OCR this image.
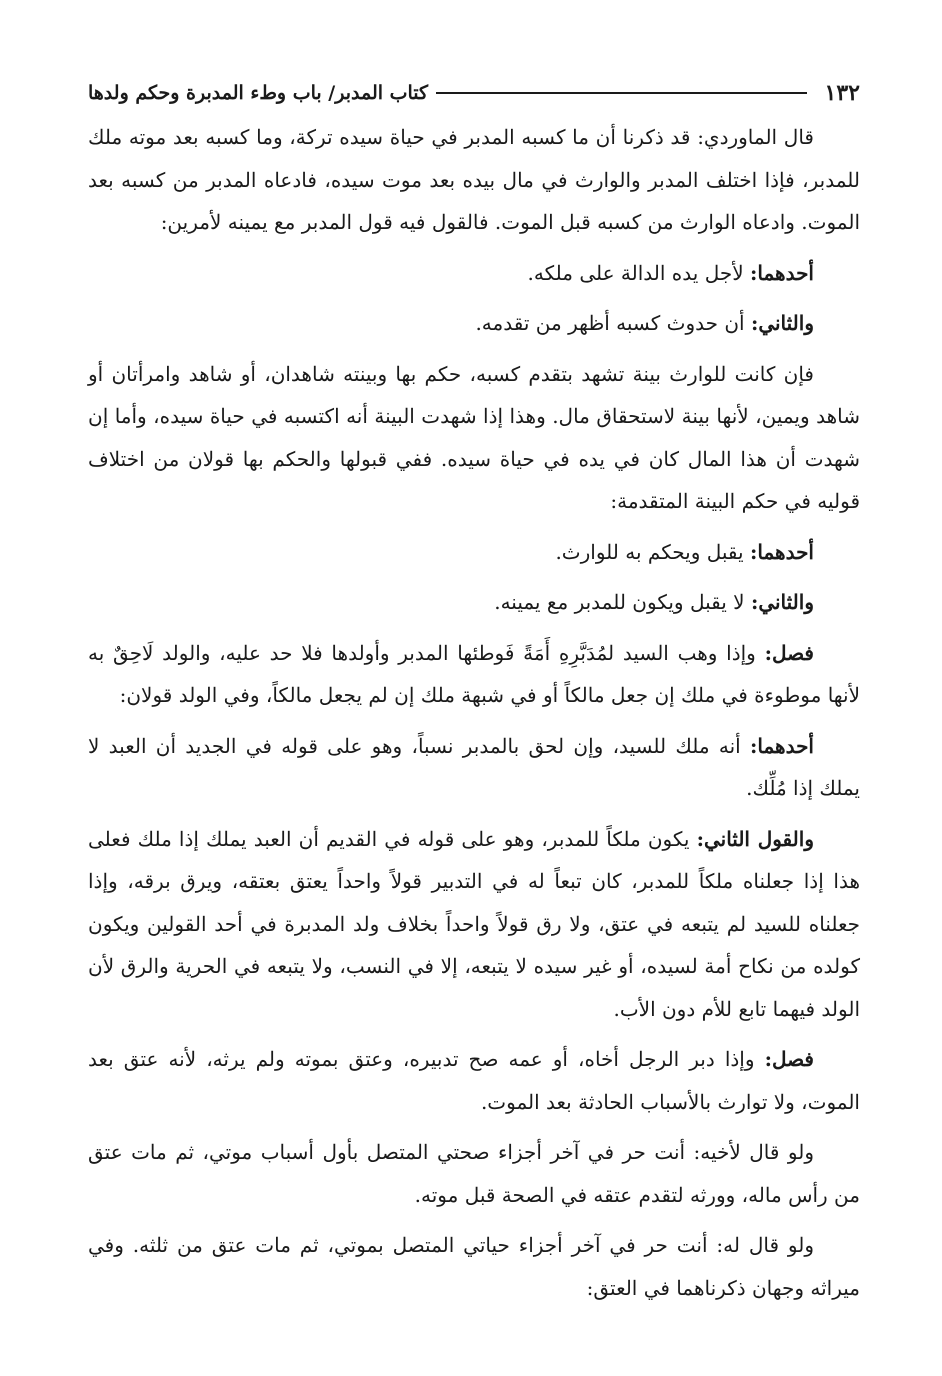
١٣٢
كتاب المدبر/ باب وطء المدبرة وحكم ولدها

قال الماوردي: قد ذكرنا أن ما كسبه المدبر في حياة سيده تركة، وما كسبه بعد موته ملك للمدبر، فإذا اختلف المدبر والوارث في مال بيده بعد موت سيده، فادعاه المدبر من كسبه بعد الموت. وادعاه الوارث من كسبه قبل الموت. فالقول فيه قول المدبر مع يمينه لأمرين:

أحدهما: لأجل يده الدالة على ملكه.

والثاني: أن حدوث كسبه أظهر من تقدمه.

فإن كانت للوارث بينة تشهد بتقدم كسبه، حكم بها وبينته شاهدان، أو شاهد وامرأتان أو شاهد ويمين، لأنها بينة لاستحقاق مال. وهذا إذا شهدت البينة أنه اكتسبه في حياة سيده، وأما إن شهدت أن هذا المال كان في يده في حياة سيده. ففي قبولها والحكم بها قولان من اختلاف قوليه في حكم البينة المتقدمة:

أحدهما: يقبل ويحكم به للوارث.

والثاني: لا يقبل ويكون للمدبر مع يمينه.

فصل: وإذا وهب السيد لمُدَبَّرِهِ أَمَةً فَوطئها المدبر وأولدها فلا حد عليه، والولد لَاحِقٌ به لأنها موطوءة في ملك إن جعل مالكاً أو في شبهة ملك إن لم يجعل مالكاً، وفي الولد قولان:

أحدهما: أنه ملك للسيد، وإن لحق بالمدبر نسباً، وهو على قوله في الجديد أن العبد لا يملك إذا مُلِّك.

والقول الثاني: يكون ملكاً للمدبر، وهو على قوله في القديم أن العبد يملك إذا ملك فعلى هذا إذا جعلناه ملكاً للمدبر، كان تبعاً له في التدبير قولاً واحداً يعتق بعتقه، ويرق برقه، وإذا جعلناه للسيد لم يتبعه في عتق، ولا رق قولاً واحداً بخلاف ولد المدبرة في أحد القولين ويكون كولده من نكاح أمة لسيده، أو غير سيده لا يتبعه، إلا في النسب، ولا يتبعه في الحرية والرق لأن الولد فيهما تابع للأم دون الأب.

فصل: وإذا دبر الرجل أخاه، أو عمه صح تدبيره، وعتق بموته ولم يرثه، لأنه عتق بعد الموت، ولا توارث بالأسباب الحادثة بعد الموت.

ولو قال لأخيه: أنت حر في آخر أجزاء صحتي المتصل بأول أسباب موتي، ثم مات عتق من رأس ماله، وورثه لتقدم عتقه في الصحة قبل موته.

ولو قال له: أنت حر في آخر أجزاء حياتي المتصل بموتي، ثم مات عتق من ثلثه. وفي ميراثه وجهان ذكرناهما في العتق:
